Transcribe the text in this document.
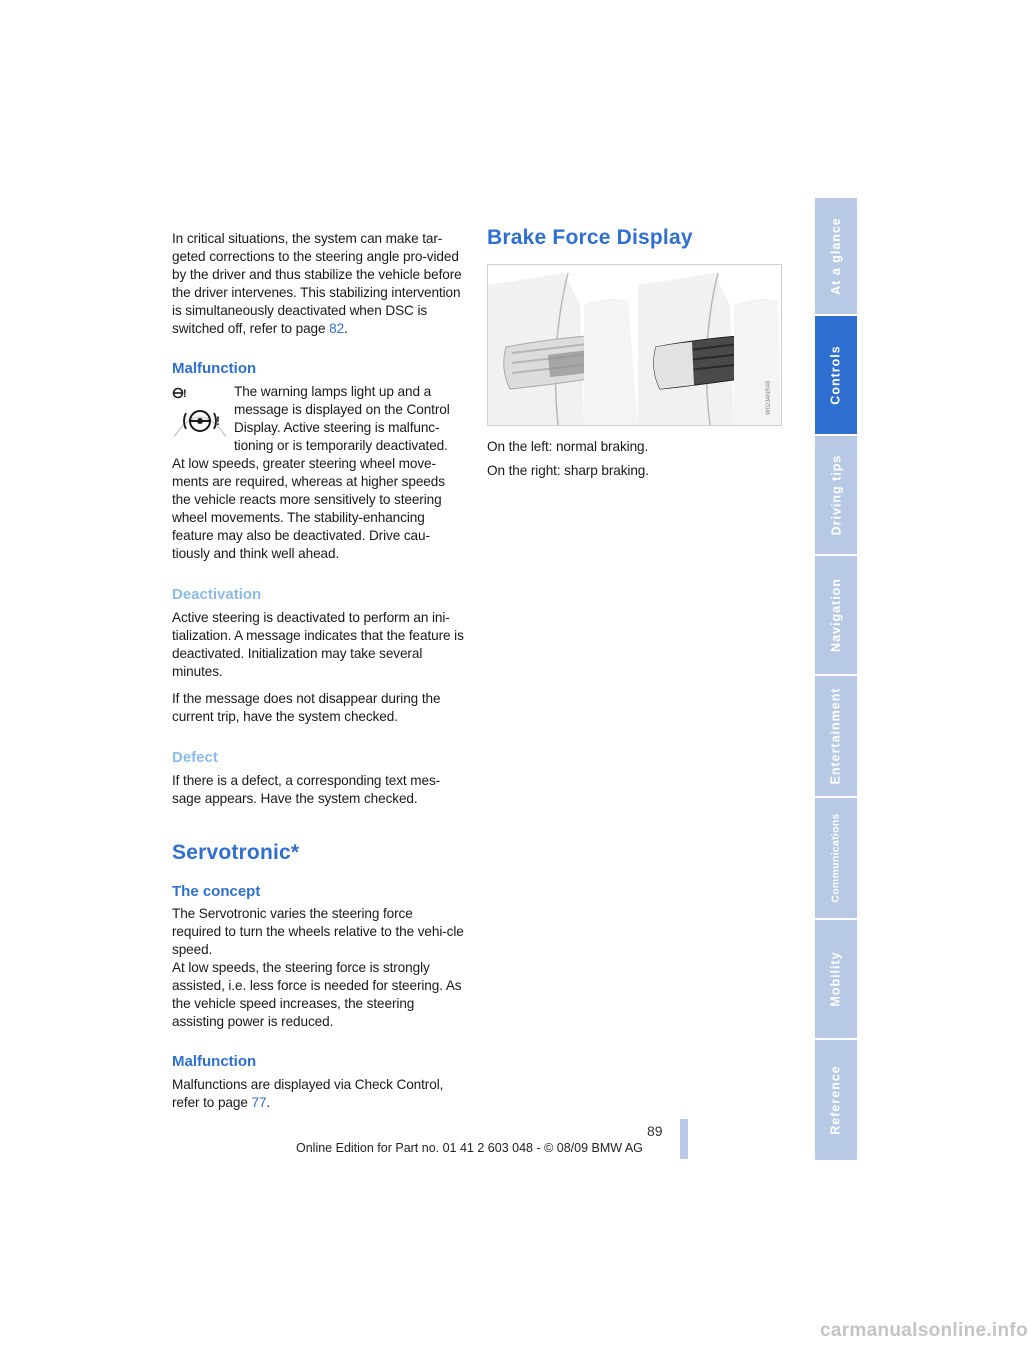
In critical situations, the system can make tar-geted corrections to the steering angle pro-vided by the driver and thus stabilize the vehicle before the driver intervenes. This stabilizing intervention is simultaneously deactivated when DSC is switched off, refer to page 82.

Malfunction
!
!

The warning lamps light up and a message is displayed on the Control Display. Active steering is malfunc-tioning or is temporarily deactivated.

At low speeds, greater steering wheel move-ments are required, whereas at higher speeds the vehicle reacts more sensitively to steering wheel movements. The stability-enhancing feature may also be deactivated. Drive cau-tiously and think well ahead.

Deactivation

Active steering is deactivated to perform an ini-tialization. A message indicates that the feature is deactivated. Initialization may take several minutes.

If the message does not disappear during the current trip, have the system checked.

Defect

If there is a defect, a corresponding text mes-sage appears. Have the system checked.

Servotronic*
The concept

The Servotronic varies the steering force required to turn the wheels relative to the vehi-cle speed.

At low speeds, the steering force is strongly assisted, i.e. less force is needed for steering. As the vehicle speed increases, the steering assisting power is reduced.

Malfunction

Malfunctions are displayed via Check Control, refer to page 77.

Brake Force Display
W0234NR48

On the left: normal braking.

On the right: sharp braking.

At a glance
Controls
Driving tips
Navigation
Entertainment
Communications
Mobility
Reference
89
Online Edition for Part no. 01 41 2 603 048 - © 08/09 BMW AG
carmanualsonline.info
